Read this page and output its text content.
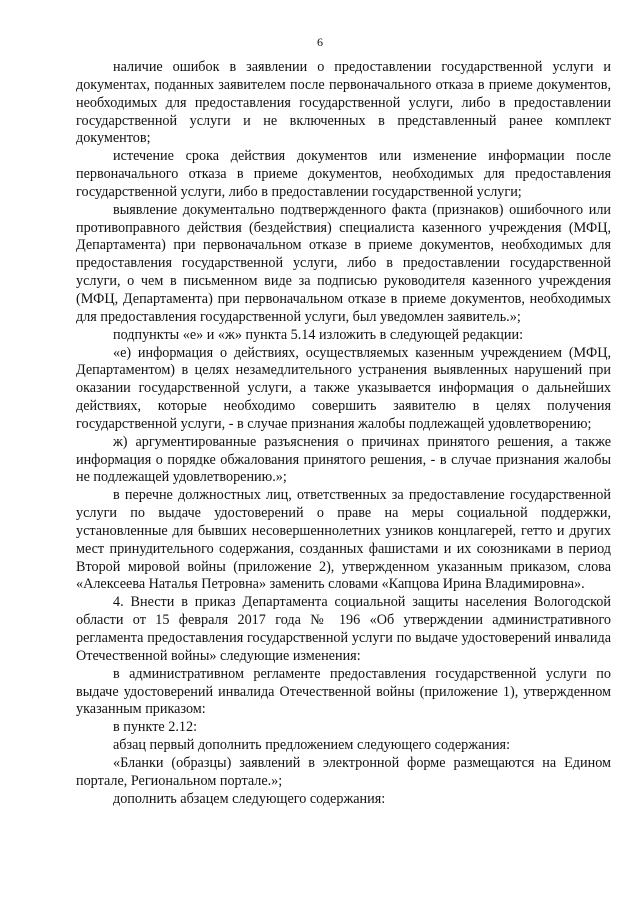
6

наличие ошибок в заявлении о предоставлении государственной услуги и документах, поданных заявителем после первоначального отказа в приеме документов, необходимых для предоставления государственной услуги, либо в предоставлении государственной услуги и не включенных в представленный ранее комплект документов;

истечение срока действия документов или изменение информации после первоначального отказа в приеме документов, необходимых для предоставления государственной услуги, либо в предоставлении государственной услуги;

выявление документально подтвержденного факта (признаков) ошибочного или противоправного действия (бездействия) специалиста казенного учреждения (МФЦ, Департамента) при первоначальном отказе в приеме документов, необходимых для предоставления государственной услуги, либо в предоставлении государственной услуги, о чем в письменном виде за подписью руководителя казенного учреждения (МФЦ, Департамента) при первоначальном отказе в приеме документов, необходимых для предоставления государственной услуги, был уведомлен заявитель.»;

подпункты «е» и «ж» пункта 5.14 изложить в следующей редакции:

«е) информация о действиях, осуществляемых казенным учреждением (МФЦ, Департаментом) в целях незамедлительного устранения выявленных нарушений при оказании государственной услуги, а также указывается информация о дальнейших действиях, которые необходимо совершить заявителю в целях получения государственной услуги, - в случае признания жалобы подлежащей удовлетворению;

ж) аргументированные разъяснения о причинах принятого решения, а также информация о порядке обжалования принятого решения, - в случае признания жалобы не подлежащей удовлетворению.»;

в перечне должностных лиц, ответственных за предоставление государственной услуги по выдаче удостоверений о праве на меры социальной поддержки, установленные для бывших несовершеннолетних узников концлагерей, гетто и других мест принудительного содержания, созданных фашистами и их союзниками в период Второй мировой войны (приложение 2), утвержденном указанным приказом, слова «Алексеева Наталья Петровна» заменить словами «Капцова Ирина Владимировна».

4. Внести в приказ Департамента социальной защиты населения Вологодской области от 15 февраля 2017 года № 196 «Об утверждении административного регламента предоставления государственной услуги по выдаче удостоверений инвалида Отечественной войны» следующие изменения:

в административном регламенте предоставления государственной услуги по выдаче удостоверений инвалида Отечественной войны (приложение 1), утвержденном указанным приказом:

в пункте 2.12:

абзац первый дополнить предложением следующего содержания:

«Бланки (образцы) заявлений в электронной форме размещаются на Едином портале, Региональном портале.»;

дополнить абзацем следующего содержания:
